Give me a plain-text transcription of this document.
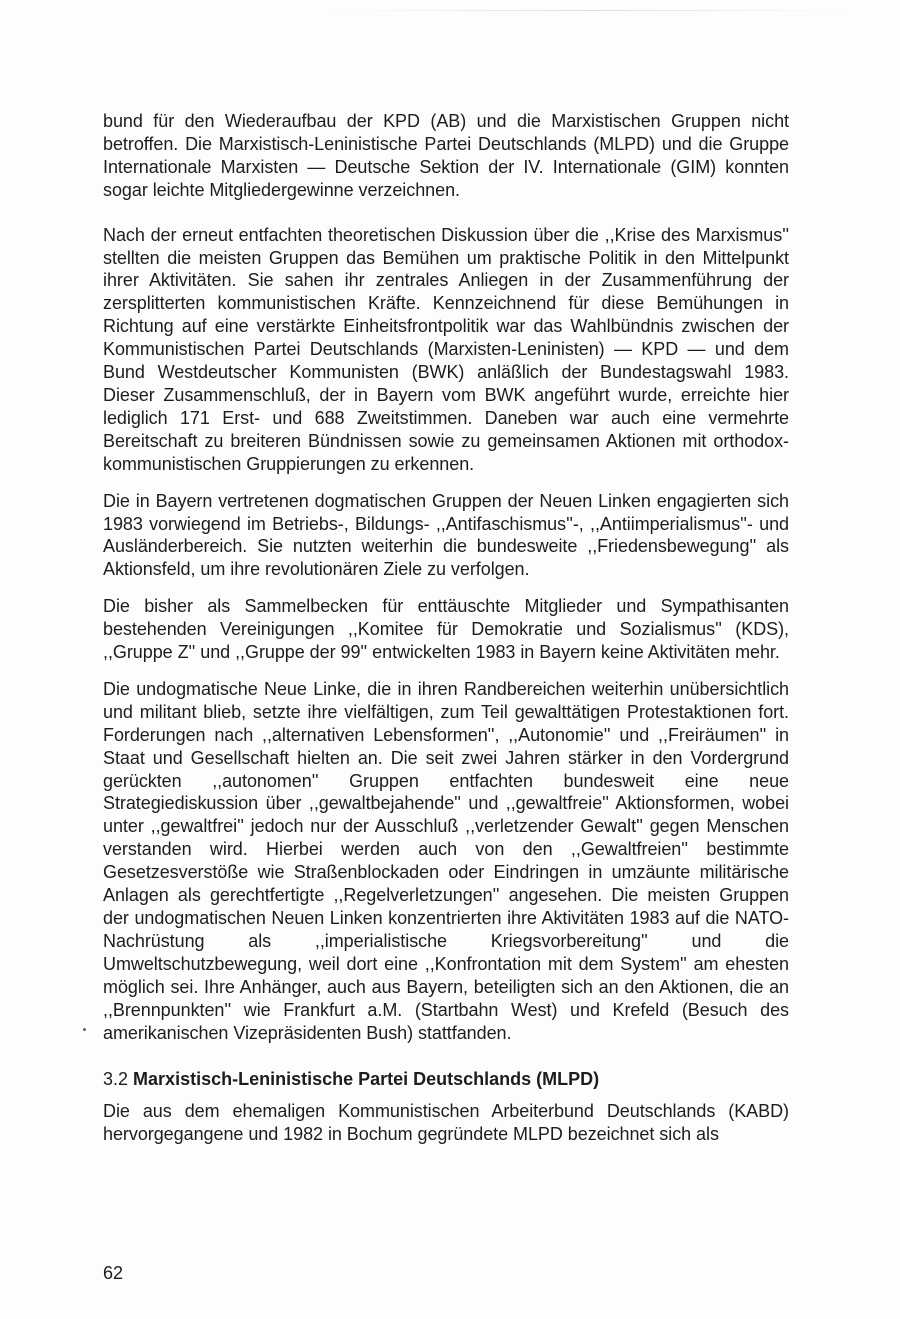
bund für den Wiederaufbau der KPD (AB) und die Marxistischen Gruppen nicht betroffen. Die Marxistisch-Leninistische Partei Deutschlands (MLPD) und die Gruppe Internationale Marxisten — Deutsche Sektion der IV. Internationale (GIM) konnten sogar leichte Mitgliedergewinne verzeichnen.

Nach der erneut entfachten theoretischen Diskussion über die ,,Krise des Marxismus'' stellten die meisten Gruppen das Bemühen um praktische Politik in den Mittelpunkt ihrer Aktivitäten. Sie sahen ihr zentrales Anliegen in der Zusammenführung der zersplitterten kommunistischen Kräfte. Kennzeichnend für diese Bemühungen in Richtung auf eine verstärkte Einheitsfrontpolitik war das Wahlbündnis zwischen der Kommunistischen Partei Deutschlands (Marxisten-Leninisten) — KPD — und dem Bund Westdeutscher Kommunisten (BWK) anläßlich der Bundestagswahl 1983. Dieser Zusammenschluß, der in Bayern vom BWK angeführt wurde, erreichte hier lediglich 171 Erst- und 688 Zweitstimmen. Daneben war auch eine vermehrte Bereitschaft zu breiteren Bündnissen sowie zu gemeinsamen Aktionen mit orthodox-kommunistischen Gruppierungen zu erkennen.

Die in Bayern vertretenen dogmatischen Gruppen der Neuen Linken engagierten sich 1983 vorwiegend im Betriebs-, Bildungs- ,,Antifaschismus''-, ,,Antiimperialismus''- und Ausländerbereich. Sie nutzten weiterhin die bundesweite ,,Friedensbewegung'' als Aktionsfeld, um ihre revolutionären Ziele zu verfolgen.

Die bisher als Sammelbecken für enttäuschte Mitglieder und Sympathisanten bestehenden Vereinigungen ,,Komitee für Demokratie und Sozialismus'' (KDS), ,,Gruppe Z'' und ,,Gruppe der 99'' entwickelten 1983 in Bayern keine Aktivitäten mehr.

Die undogmatische Neue Linke, die in ihren Randbereichen weiterhin unübersichtlich und militant blieb, setzte ihre vielfältigen, zum Teil gewalttätigen Protestaktionen fort. Forderungen nach ,,alternativen Lebensformen'', ,,Autonomie'' und ,,Freiräumen'' in Staat und Gesellschaft hielten an. Die seit zwei Jahren stärker in den Vordergrund gerückten ,,autonomen'' Gruppen entfachten bundesweit eine neue Strategiediskussion über ,,gewaltbejahende'' und ,,gewaltfreie'' Aktionsformen, wobei unter ,,gewaltfrei'' jedoch nur der Ausschluß ,,verletzender Gewalt'' gegen Menschen verstanden wird. Hierbei werden auch von den ,,Gewaltfreien'' bestimmte Gesetzesverstöße wie Straßenblockaden oder Eindringen in umzäunte militärische Anlagen als gerechtfertigte ,,Regelverletzungen'' angesehen. Die meisten Gruppen der undogmatischen Neuen Linken konzentrierten ihre Aktivitäten 1983 auf die NATO-Nachrüstung als ,,imperialistische Kriegsvorbereitung'' und die Umweltschutzbewegung, weil dort eine ,,Konfrontation mit dem System'' am ehesten möglich sei. Ihre Anhänger, auch aus Bayern, beteiligten sich an den Aktionen, die an ,,Brennpunkten'' wie Frankfurt a.M. (Startbahn West) und Krefeld (Besuch des amerikanischen Vizepräsidenten Bush) stattfanden.

3.2 Marxistisch-Leninistische Partei Deutschlands (MLPD)

Die aus dem ehemaligen Kommunistischen Arbeiterbund Deutschlands (KABD) hervorgegangene und 1982 in Bochum gegründete MLPD bezeichnet sich als

62
